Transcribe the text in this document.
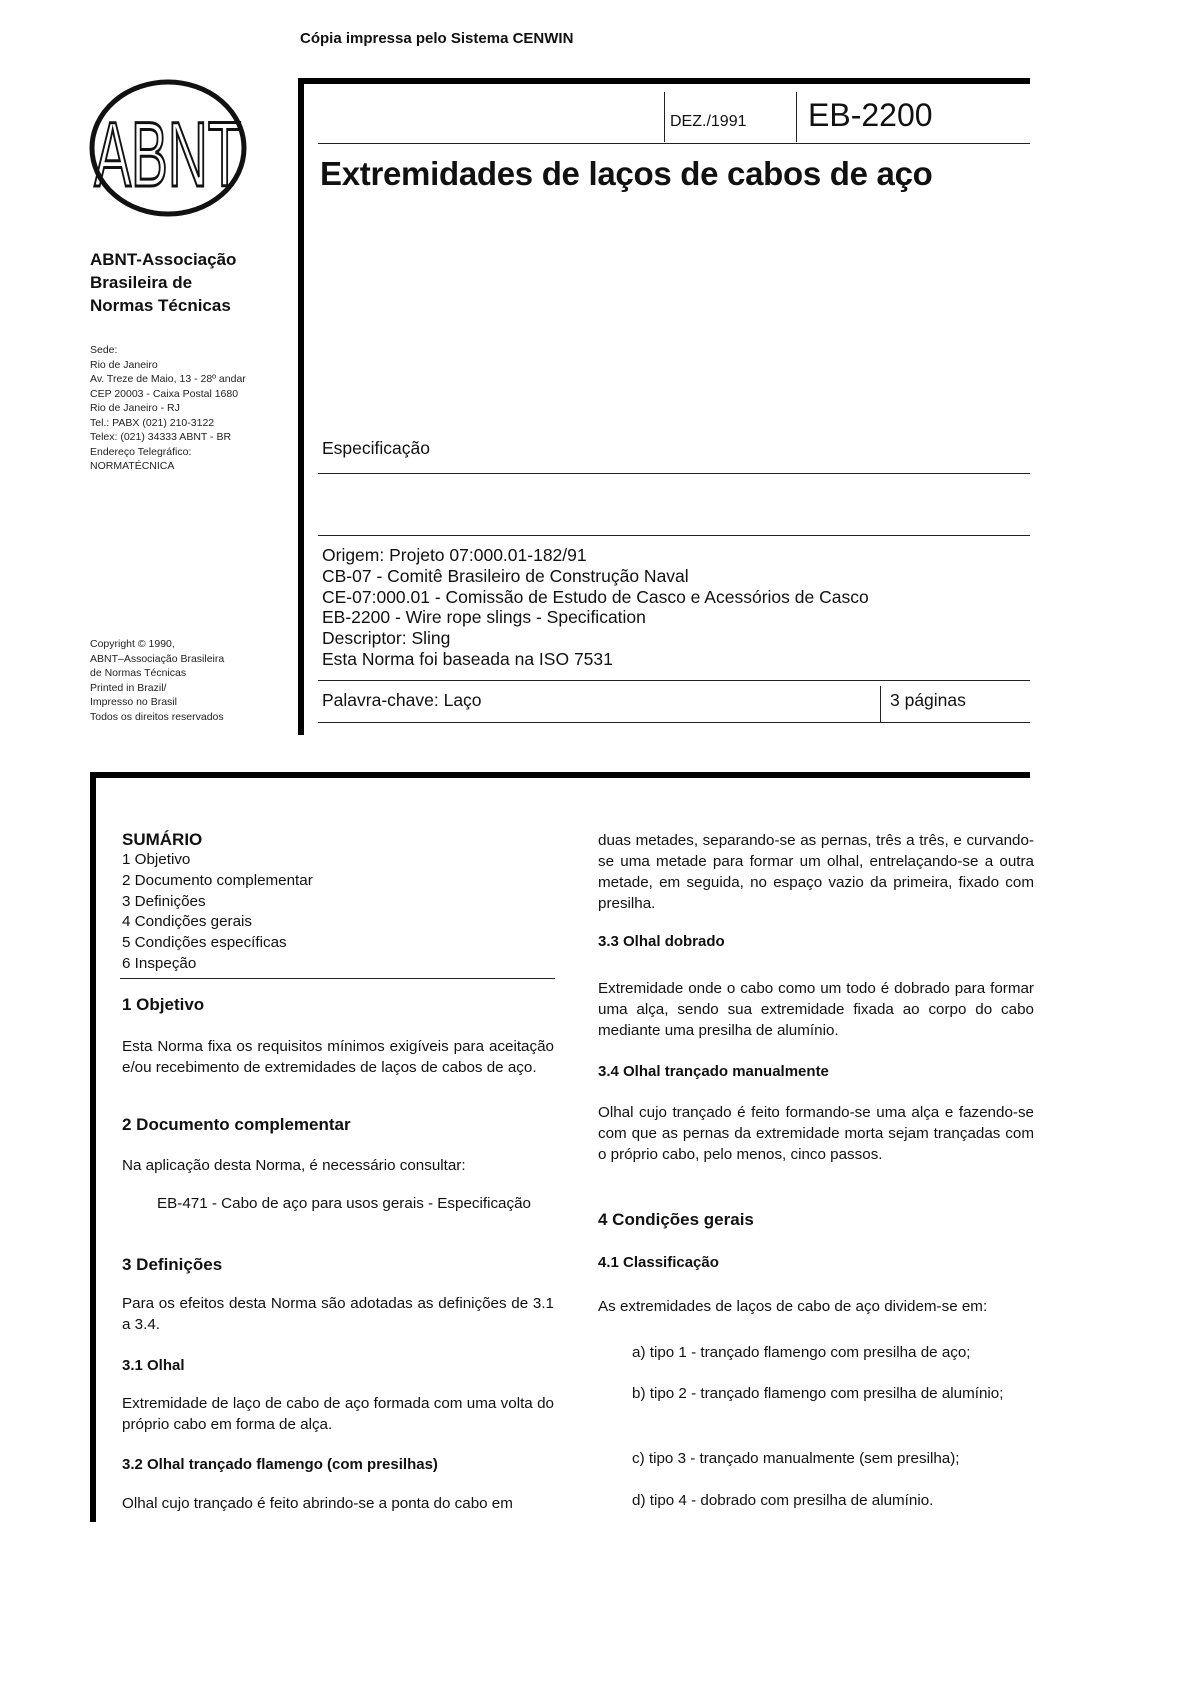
Cópia impressa pelo Sistema CENWIN
ABNT
ABNT-Associação
Brasileira de
Normas Técnicas
Sede:
Rio de Janeiro
Av. Treze de Maio, 13 - 28º andar
CEP 20003 - Caixa Postal 1680
Rio de Janeiro - RJ
Tel.: PABX (021) 210-3122
Telex: (021) 34333 ABNT - BR
Endereço Telegráfico:
NORMATÉCNICA
Copyright © 1990,
ABNT–Associação Brasileira
de Normas Técnicas
Printed in Brazil/
Impresso no Brasil
Todos os direitos reservados
DEZ./1991 EB-2200
Extremidades de laços de cabos de aço
Especificação
Origem: Projeto 07:000.01-182/91
CB-07 - Comitê Brasileiro de Construção Naval
CE-07:000.01 - Comissão de Estudo de Casco e Acessórios de Casco
EB-2200 - Wire rope slings - Specification
Descriptor: Sling
Esta Norma foi baseada na ISO 7531
Palavra-chave: Laço	3 páginas
SUMÁRIO
1 Objetivo
2 Documento complementar
3 Definições
4 Condições gerais
5 Condições específicas
6 Inspeção
1 Objetivo
Esta Norma fixa os requisitos mínimos exigíveis para aceitação e/ou recebimento de extremidades de laços de cabos de aço.
2 Documento complementar
Na aplicação desta Norma, é necessário consultar:
EB-471 - Cabo de aço para usos gerais - Especificação
3 Definições
Para os efeitos desta Norma são adotadas as definições de 3.1 a 3.4.
3.1 Olhal
Extremidade de laço de cabo de aço formada com uma volta do próprio cabo em forma de alça.
3.2 Olhal trançado flamengo (com presilhas)
Olhal cujo trançado é feito abrindo-se a ponta do cabo em
duas metades, separando-se as pernas, três a três, e curvando-se uma metade para formar um olhal, entrelaçando-se a outra metade, em seguida, no espaço vazio da primeira, fixado com presilha.
3.3 Olhal dobrado
Extremidade onde o cabo como um todo é dobrado para formar uma alça, sendo sua extremidade fixada ao corpo do cabo mediante uma presilha de alumínio.
3.4 Olhal trançado manualmente
Olhal cujo trançado é feito formando-se uma alça e fazendo-se com que as pernas da extremidade morta sejam trançadas com o próprio cabo, pelo menos, cinco passos.
4 Condições gerais
4.1 Classificação
As extremidades de laços de cabo de aço dividem-se em:
a) tipo 1 - trançado flamengo com presilha de aço;
b) tipo 2 - trançado flamengo com presilha de alumínio;
c) tipo 3 - trançado manualmente (sem presilha);
d) tipo 4 - dobrado com presilha de alumínio.
